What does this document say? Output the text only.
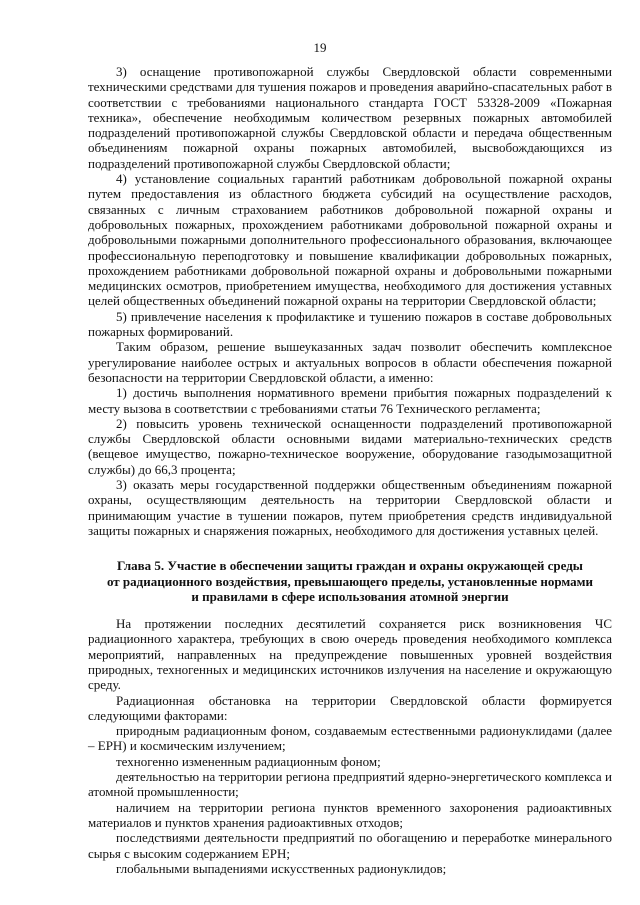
19

3) оснащение противопожарной службы Свердловской области современными техническими средствами для тушения пожаров и проведения аварийно-спасательных работ в соответствии с требованиями национального стандарта ГОСТ 53328-2009 «Пожарная техника», обеспечение необходимым количеством резервных пожарных автомобилей подразделений противопожарной службы Свердловской области и передача общественным объединениям пожарной охраны пожарных автомобилей, высвобождающихся из подразделений противопожарной службы Свердловской области;

4) установление социальных гарантий работникам добровольной пожарной охраны путем предоставления из областного бюджета субсидий на осуществление расходов, связанных с личным страхованием работников добровольной пожарной охраны и добровольных пожарных, прохождением работниками добровольной пожарной охраны и добровольными пожарными дополнительного профессионального образования, включающее профессиональную переподготовку и повышение квалификации добровольных пожарных, прохождением работниками добровольной пожарной охраны и добровольными пожарными медицинских осмотров, приобретением имущества, необходимого для достижения уставных целей общественных объединений пожарной охраны на территории Свердловской области;

5) привлечение населения к профилактике и тушению пожаров в составе добровольных пожарных формирований.

Таким образом, решение вышеуказанных задач позволит обеспечить комплексное урегулирование наиболее острых и актуальных вопросов в области обеспечения пожарной безопасности на территории Свердловской области, а именно:

1) достичь выполнения нормативного времени прибытия пожарных подразделений к месту вызова в соответствии с требованиями статьи 76 Технического регламента;

2) повысить уровень технической оснащенности подразделений противопожарной службы Свердловской области основными видами материально-технических средств (вещевое имущество, пожарно-техническое вооружение, оборудование газодымозащитной службы) до 66,3 процента;

3) оказать меры государственной поддержки общественным объединениям пожарной охраны, осуществляющим деятельность на территории Свердловской области и принимающим участие в тушении пожаров, путем приобретения средств индивидуальной защиты пожарных и снаряжения пожарных, необходимого для достижения уставных целей.

Глава 5. Участие в обеспечении защиты граждан и охраны окружающей среды
от радиационного воздействия, превышающего пределы, установленные нормами
и правилами в сфере использования атомной энергии

На протяжении последних десятилетий сохраняется риск возникновения ЧС радиационного характера, требующих в свою очередь проведения необходимого комплекса мероприятий, направленных на предупреждение повышенных уровней воздействия природных, техногенных и медицинских источников излучения на население и окружающую среду.

Радиационная обстановка на территории Свердловской области формируется следующими факторами:

природным радиационным фоном, создаваемым естественными радионуклидами (далее – ЕРН) и космическим излучением;

техногенно измененным радиационным фоном;

деятельностью на территории региона предприятий ядерно-энергетического комплекса и атомной промышленности;

наличием на территории региона пунктов временного захоронения радиоактивных материалов и пунктов хранения радиоактивных отходов;

последствиями деятельности предприятий по обогащению и переработке минерального сырья с высоким содержанием ЕРН;

глобальными выпадениями искусственных радионуклидов;
